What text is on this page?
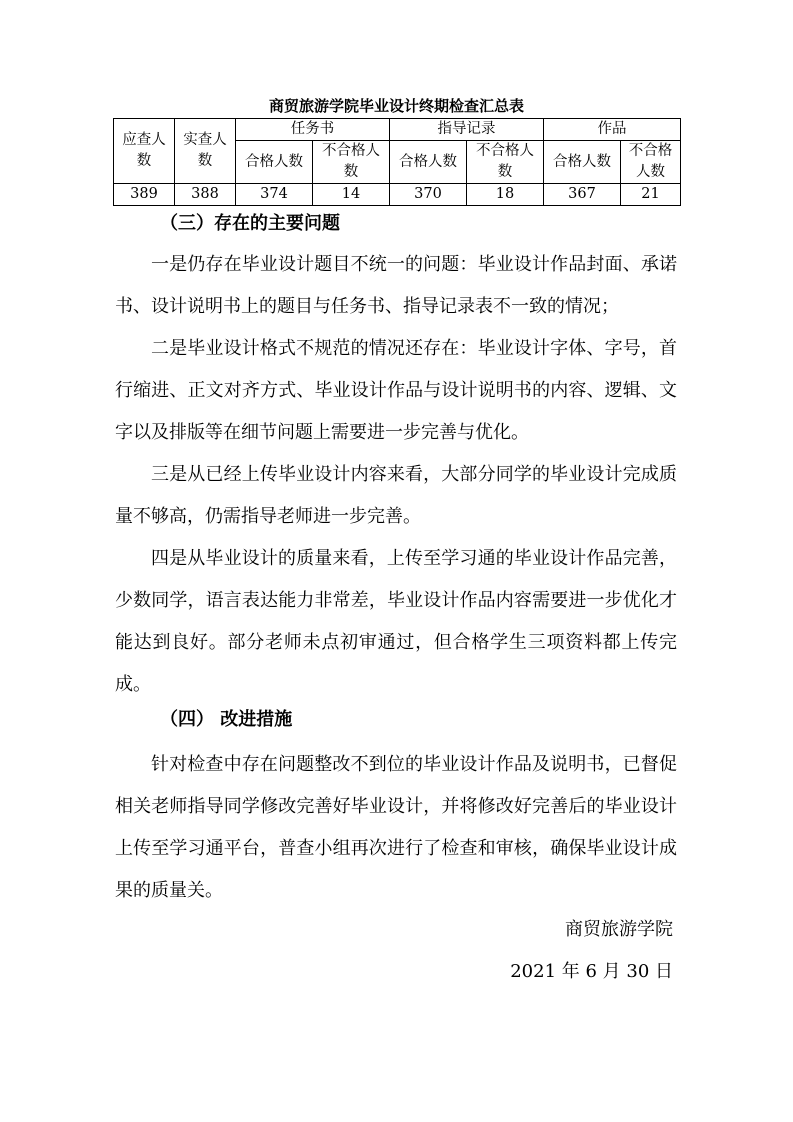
商贸旅游学院毕业设计终期检查汇总表
应查人数	实查人数	任务书		指导记录		作品	
		合格人数	不合格人数	合格人数	不合格人数	合格人数	不合格人数
389	388	374	14	370	18	367	21
（三）存在的主要问题

一是仍存在毕业设计题目不统一的问题：毕业设计作品封面、承诺书、设计说明书上的题目与任务书、指导记录表不一致的情况；

二是毕业设计格式不规范的情况还存在：毕业设计字体、字号，首行缩进、正文对齐方式、毕业设计作品与设计说明书的内容、逻辑、文字以及排版等在细节问题上需要进一步完善与优化。

三是从已经上传毕业设计内容来看，大部分同学的毕业设计完成质量不够高，仍需指导老师进一步完善。

四是从毕业设计的质量来看，上传至学习通的毕业设计作品完善，少数同学，语言表达能力非常差，毕业设计作品内容需要进一步优化才能达到良好。部分老师未点初审通过，但合格学生三项资料都上传完成。

（四） 改进措施

针对检查中存在问题整改不到位的毕业设计作品及说明书，已督促相关老师指导同学修改完善好毕业设计，并将修改好完善后的毕业设计上传至学习通平台，普查小组再次进行了检查和审核，确保毕业设计成果的质量关。

商贸旅游学院
2021 年 6 月 30 日
